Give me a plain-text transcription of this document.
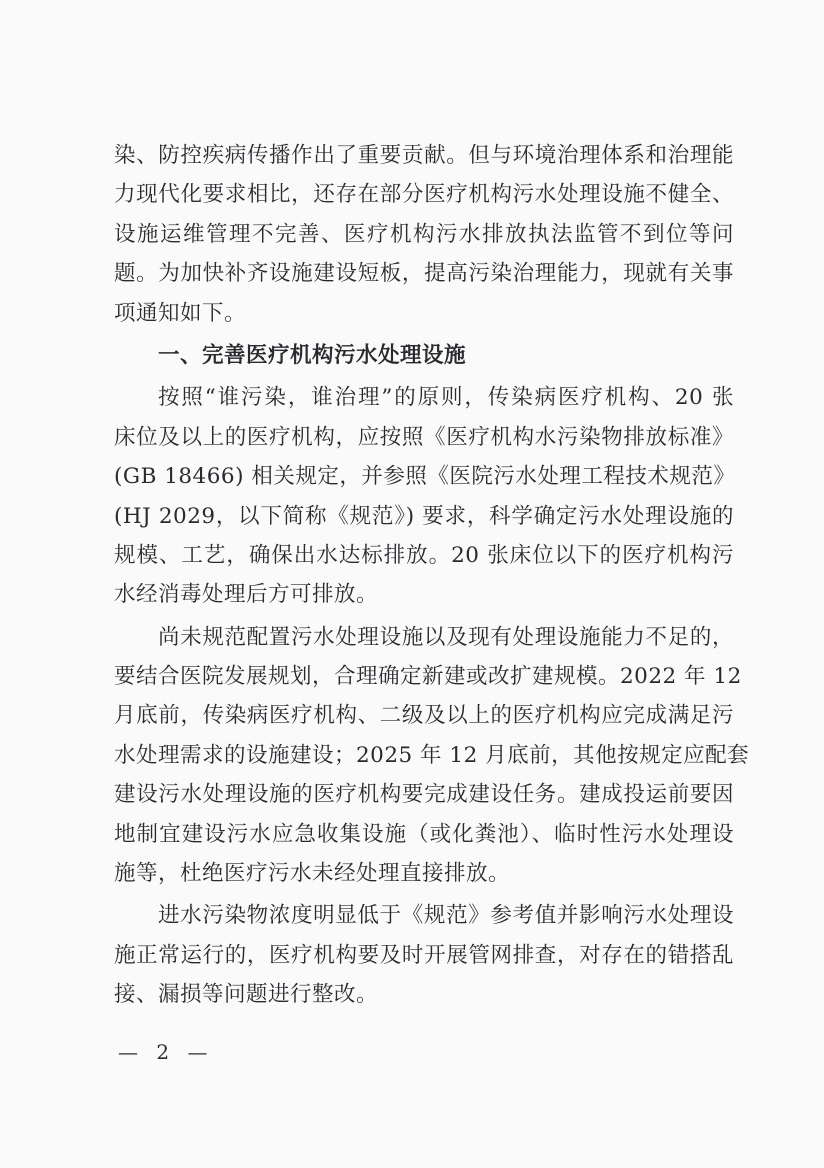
染、防控疾病传播作出了重要贡献。但与环境治理体系和治理能
力现代化要求相比，还存在部分医疗机构污水处理设施不健全、
设施运维管理不完善、医疗机构污水排放执法监管不到位等问
题。为加快补齐设施建设短板，提高污染治理能力，现就有关事
项通知如下。
一、完善医疗机构污水处理设施
按照“谁污染，谁治理”的原则，传染病医疗机构、20 张
床位及以上的医疗机构，应按照《医疗机构水污染物排放标准》
(GB 18466) 相关规定，并参照《医院污水处理工程技术规范》
(HJ 2029，以下简称《规范》) 要求，科学确定污水处理设施的
规模、工艺，确保出水达标排放。20 张床位以下的医疗机构污
水经消毒处理后方可排放。
尚未规范配置污水处理设施以及现有处理设施能力不足的，
要结合医院发展规划，合理确定新建或改扩建规模。2022 年 12
月底前，传染病医疗机构、二级及以上的医疗机构应完成满足污
水处理需求的设施建设；2025 年 12 月底前，其他按规定应配套
建设污水处理设施的医疗机构要完成建设任务。建成投运前要因
地制宜建设污水应急收集设施（或化粪池）、临时性污水处理设
施等，杜绝医疗污水未经处理直接排放。
进水污染物浓度明显低于《规范》参考值并影响污水处理设
施正常运行的，医疗机构要及时开展管网排查，对存在的错搭乱
接、漏损等问题进行整改。
— 2 —
